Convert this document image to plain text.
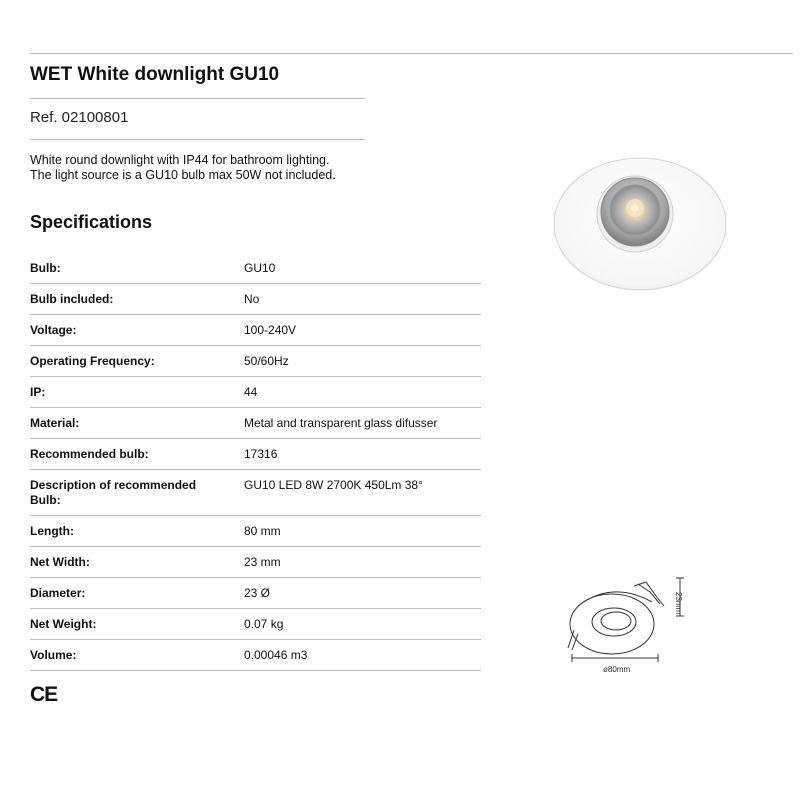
WET White downlight GU10
Ref. 02100801
White round downlight with IP44 for bathroom lighting.
The light source is a GU10 bulb max 50W not included.
Specifications
Bulb:	GU10
Bulb included:	No
Voltage:	100-240V
Operating Frequency:	50/60Hz
IP:	44
Material:	Metal and transparent glass difusser
Recommended bulb:	17316
Description of recommended Bulb:
GU10 LED 8W 2700K 450Lm 38°
Length:	80 mm
Net Width:	23 mm
Diameter:	23 Ø
Net Weight:	0.07 kg
Volume:	0.00046 m3
CE
ø80mm
23mm
